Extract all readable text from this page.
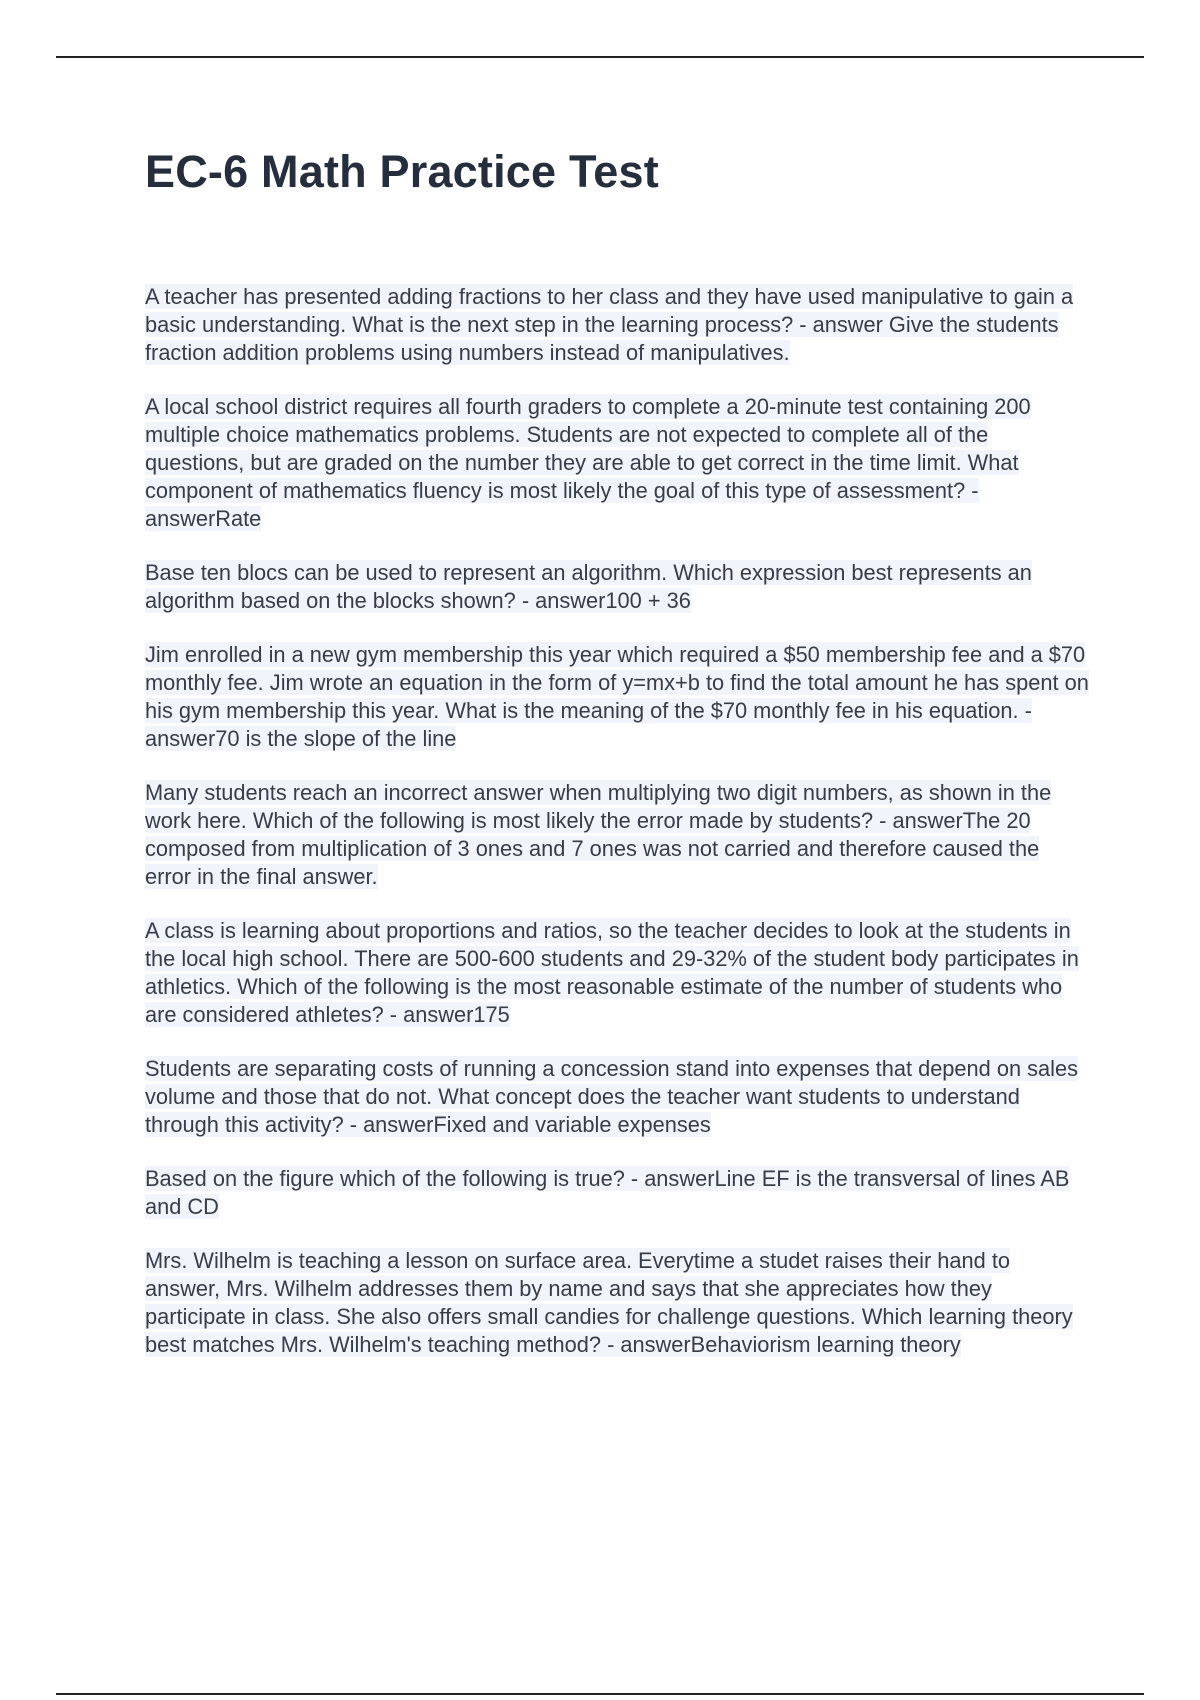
EC-6 Math Practice Test

A teacher has presented adding fractions to her class and they have used manipulative to gain a basic understanding. What is the next step in the learning process? - answer Give the students fraction addition problems using numbers instead of manipulatives.

A local school district requires all fourth graders to complete a 20-minute test containing 200 multiple choice mathematics problems. Students are not expected to complete all of the questions, but are graded on the number they are able to get correct in the time limit. What component of mathematics fluency is most likely the goal of this type of assessment? - answerRate

Base ten blocs can be used to represent an algorithm. Which expression best represents an algorithm based on the blocks shown? - answer100 + 36

Jim enrolled in a new gym membership this year which required a $50 membership fee and a $70 monthly fee. Jim wrote an equation in the form of y=mx+b to find the total amount he has spent on his gym membership this year. What is the meaning of the $70 monthly fee in his equation. - answer70 is the slope of the line

Many students reach an incorrect answer when multiplying two digit numbers, as shown in the work here. Which of the following is most likely the error made by students? - answerThe 20 composed from multiplication of 3 ones and 7 ones was not carried and therefore caused the error in the final answer.

A class is learning about proportions and ratios, so the teacher decides to look at the students in the local high school. There are 500-600 students and 29-32% of the student body participates in athletics. Which of the following is the most reasonable estimate of the number of students who are considered athletes? - answer175

Students are separating costs of running a concession stand into expenses that depend on sales volume and those that do not. What concept does the teacher want students to understand through this activity? - answerFixed and variable expenses

Based on the figure which of the following is true? - answerLine EF is the transversal of lines AB and CD

Mrs. Wilhelm is teaching a lesson on surface area. Everytime a studet raises their hand to answer, Mrs. Wilhelm addresses them by name and says that she appreciates how they participate in class. She also offers small candies for challenge questions. Which learning theory best matches Mrs. Wilhelm's teaching method? - answerBehaviorism learning theory
